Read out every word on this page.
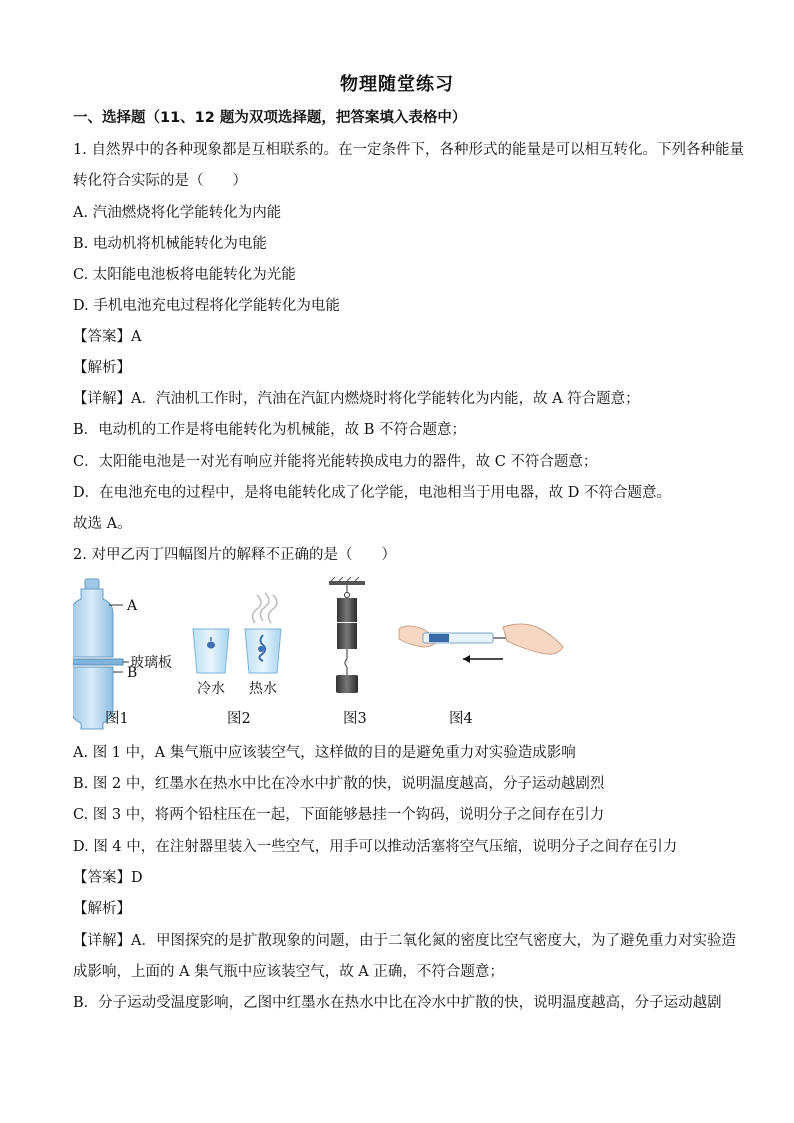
物理随堂练习
一、选择题（11、12 题为双项选择题，把答案填入表格中）
1. 自然界中的各种现象都是互相联系的。在一定条件下，各种形式的能量是可以相互转化。下列各种能量
转化符合实际的是（　　）
A. 汽油燃烧将化学能转化为内能
B. 电动机将机械能转化为电能
C. 太阳能电池板将电能转化为光能
D. 手机电池充电过程将化学能转化为电能
【答案】A
【解析】
【详解】A．汽油机工作时，汽油在汽缸内燃烧时将化学能转化为内能，故 A 符合题意；
B．电动机的工作是将电能转化为机械能，故 B 不符合题意；
C．太阳能电池是一对光有响应并能将光能转换成电力的器件，故 C 不符合题意；
D．在电池充电的过程中，是将电能转化成了化学能，电池相当于用电器，故 D 不符合题意。
故选 A。
2. 对甲乙丙丁四幅图片的解释不正确的是（　　）
A
玻璃板
B
冷水 热水
图1	图2	图3	图4
A. 图 1 中，A 集气瓶中应该装空气，这样做的目的是避免重力对实验造成影响
B. 图 2 中，红墨水在热水中比在冷水中扩散的快，说明温度越高，分子运动越剧烈
C. 图 3 中，将两个铅柱压在一起，下面能够悬挂一个钩码，说明分子之间存在引力
D. 图 4 中，在注射器里装入一些空气，用手可以推动活塞将空气压缩，说明分子之间存在引力
【答案】D
【解析】
【详解】A．甲图探究的是扩散现象的问题，由于二氧化氮的密度比空气密度大，为了避免重力对实验造
成影响，上面的 A 集气瓶中应该装空气，故 A 正确，不符合题意；
B．分子运动受温度影响，乙图中红墨水在热水中比在冷水中扩散的快，说明温度越高，分子运动越剧
